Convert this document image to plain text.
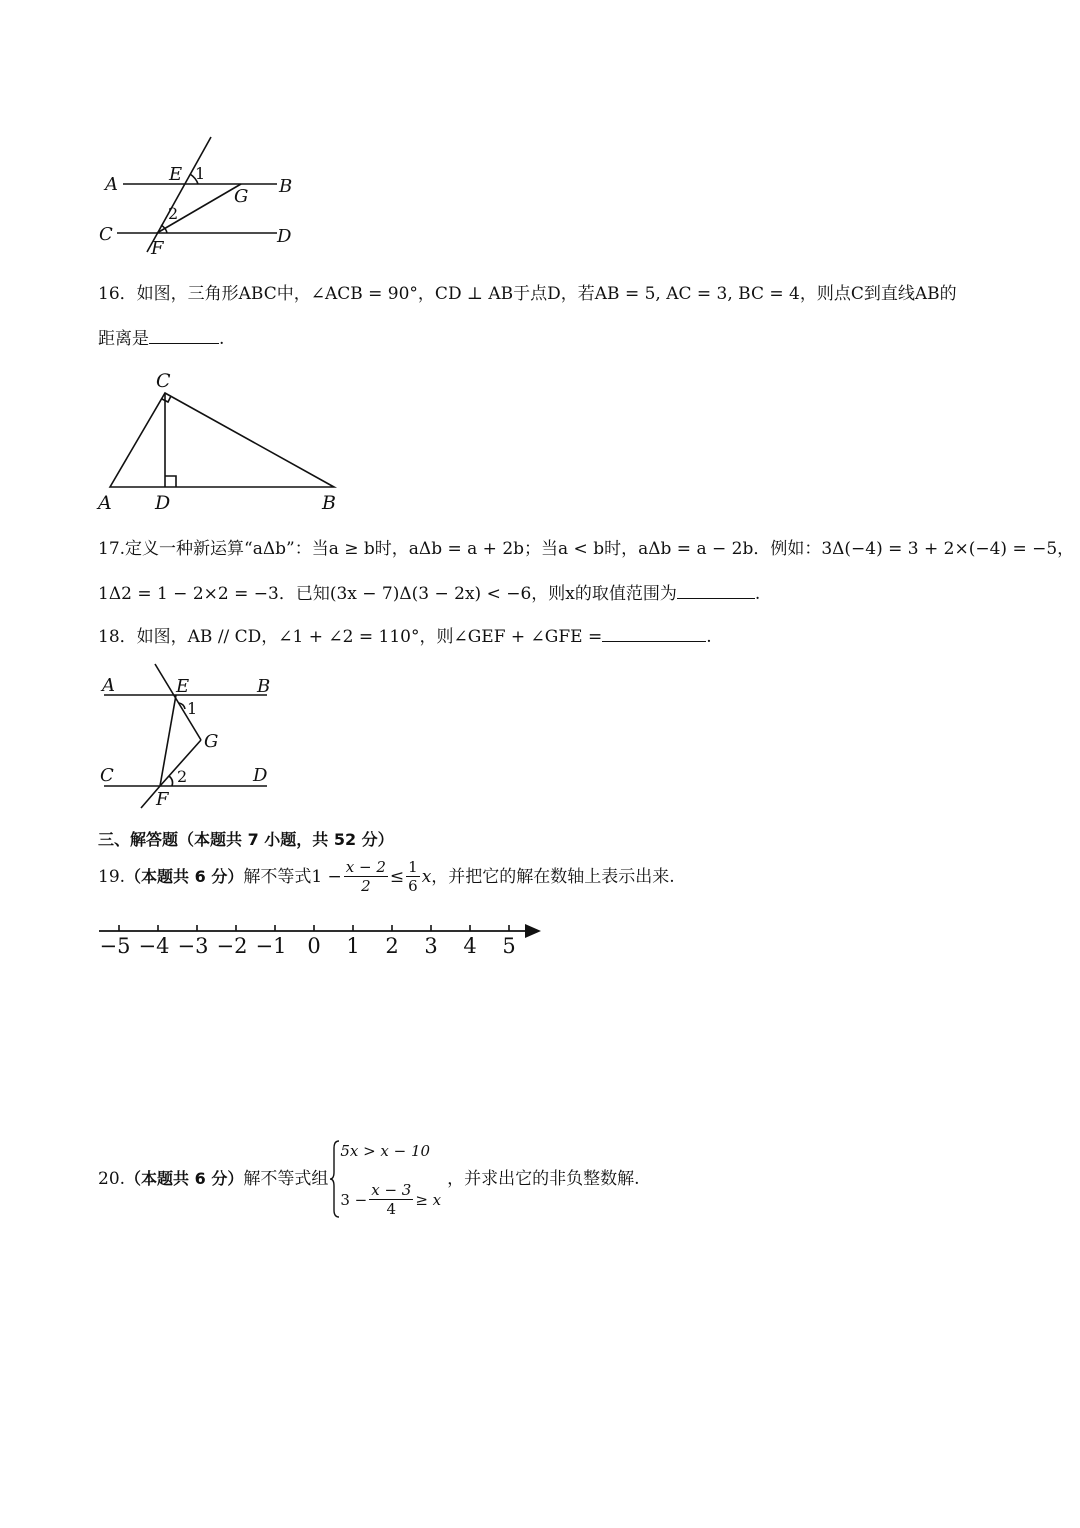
A	B
C	D
E
F
G
1
2
16．如图，三角形ABC中，∠ACB = 90°，CD ⊥ AB于点D，若AB = 5, AC = 3, BC = 4，则点C到直线AB的
距离是	.
A	B
C
D
17.定义一种新运算“aΔb”：当a ≥ b时，aΔb = a + 2b；当a < b时，aΔb = a − 2b．例如：3Δ(−4) = 3 + 2×(−4) = −5，
1Δ2 = 1 − 2×2 = −3．已知(3x − 7)Δ(3 − 2x) < −6，则x的取值范围为	.
18．如图，AB // CD，∠1 + ∠2 = 110°，则∠GEF + ∠GFE =	.
A	B
C	D
E
F
G
1
2
三、解答题（本题共 7 小题，共 52 分）
19. （本题共 6 分） 解不等式$1 - \frac{x - 2}{2} \le \frac{1}{6}$ x ，并把它的解在数轴上表示出来.
−5 −4 −3 −2 −1 0 1 2 3 4 5
20. （本题共 6 分） 解不等式组
5x > x − 10
$3 - \frac{x - 3}{4} \ge x$
，并求出它的非负整数解.
